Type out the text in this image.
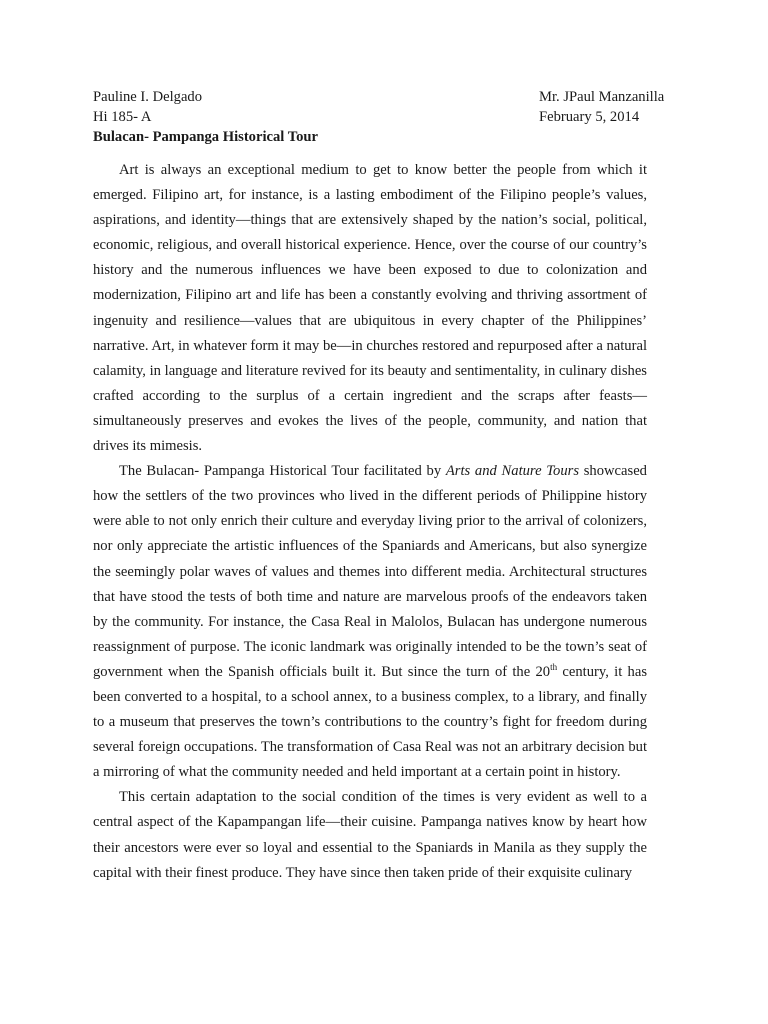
Pauline I. Delgado	Mr. JPaul Manzanilla
Hi 185- A	February 5, 2014
Bulacan- Pampanga Historical Tour

Art is always an exceptional medium to get to know better the people from which it emerged. Filipino art, for instance, is a lasting embodiment of the Filipino people’s values, aspirations, and identity—things that are extensively shaped by the nation’s social, political, economic, religious, and overall historical experience. Hence, over the course of our country’s history and the numerous influences we have been exposed to due to colonization and modernization, Filipino art and life has been a constantly evolving and thriving assortment of ingenuity and resilience—values that are ubiquitous in every chapter of the Philippines’ narrative. Art, in whatever form it may be—in churches restored and repurposed after a natural calamity, in language and literature revived for its beauty and sentimentality, in culinary dishes crafted according to the surplus of a certain ingredient and the scraps after feasts—simultaneously preserves and evokes the lives of the people, community, and nation that drives its mimesis.

The Bulacan- Pampanga Historical Tour facilitated by Arts and Nature Tours showcased how the settlers of the two provinces who lived in the different periods of Philippine history were able to not only enrich their culture and everyday living prior to the arrival of colonizers, nor only appreciate the artistic influences of the Spaniards and Americans, but also synergize the seemingly polar waves of values and themes into different media. Architectural structures that have stood the tests of both time and nature are marvelous proofs of the endeavors taken by the community. For instance, the Casa Real in Malolos, Bulacan has undergone numerous reassignment of purpose. The iconic landmark was originally intended to be the town’s seat of government when the Spanish officials built it. But since the turn of the 20th century, it has been converted to a hospital, to a school annex, to a business complex, to a library, and finally to a museum that preserves the town’s contributions to the country’s fight for freedom during several foreign occupations. The transformation of Casa Real was not an arbitrary decision but a mirroring of what the community needed and held important at a certain point in history.

This certain adaptation to the social condition of the times is very evident as well to a central aspect of the Kapampangan life—their cuisine. Pampanga natives know by heart how their ancestors were ever so loyal and essential to the Spaniards in Manila as they supply the capital with their finest produce. They have since then taken pride of their exquisite culinary
